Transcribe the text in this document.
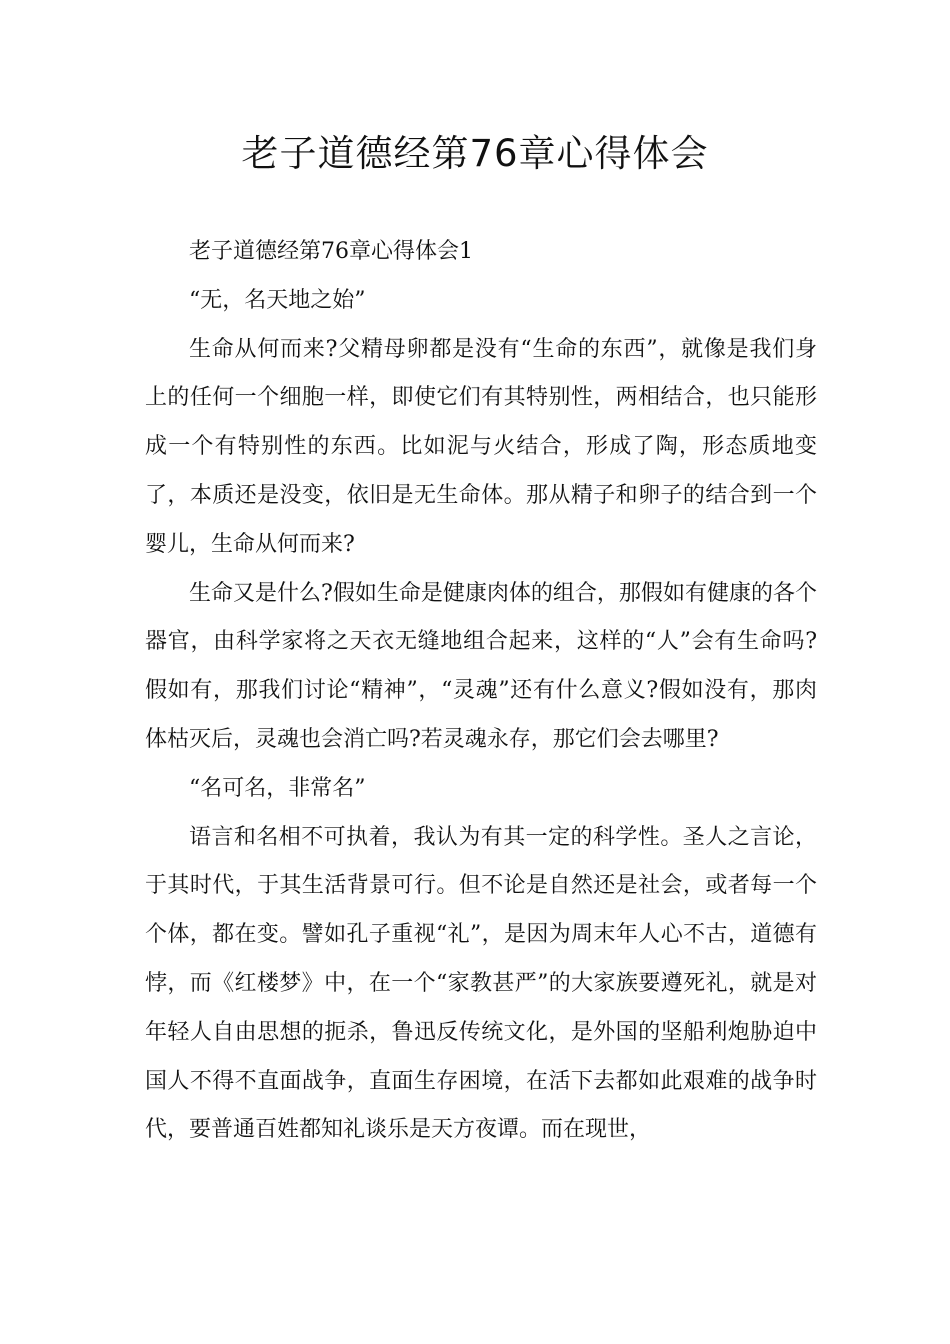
老子道德经第76章心得体会

老子道德经第76章心得体会1

“无，名天地之始”

生命从何而来?父精母卵都是没有“生命的东西”，就像是我们身上的任何一个细胞一样，即使它们有其特别性，两相结合，也只能形成一个有特别性的东西。比如泥与火结合，形成了陶，形态质地变了，本质还是没变，依旧是无生命体。那从精子和卵子的结合到一个婴儿，生命从何而来?

生命又是什么?假如生命是健康肉体的组合，那假如有健康的各个器官，由科学家将之天衣无缝地组合起来，这样的“人”会有生命吗?假如有，那我们讨论“精神”，“灵魂”还有什么意义?假如没有，那肉体枯灭后，灵魂也会消亡吗?若灵魂永存，那它们会去哪里?

“名可名，非常名”

语言和名相不可执着，我认为有其一定的科学性。圣人之言论，于其时代，于其生活背景可行。但不论是自然还是社会，或者每一个个体，都在变。譬如孔子重视“礼”，是因为周末年人心不古，道德有悖，而《红楼梦》中，在一个“家教甚严”的大家族要遵死礼，就是对年轻人自由思想的扼杀，鲁迅反传统文化，是外国的坚船利炮胁迫中国人不得不直面战争，直面生存困境，在活下去都如此艰难的战争时代，要普通百姓都知礼谈乐是天方夜谭。而在现世，
